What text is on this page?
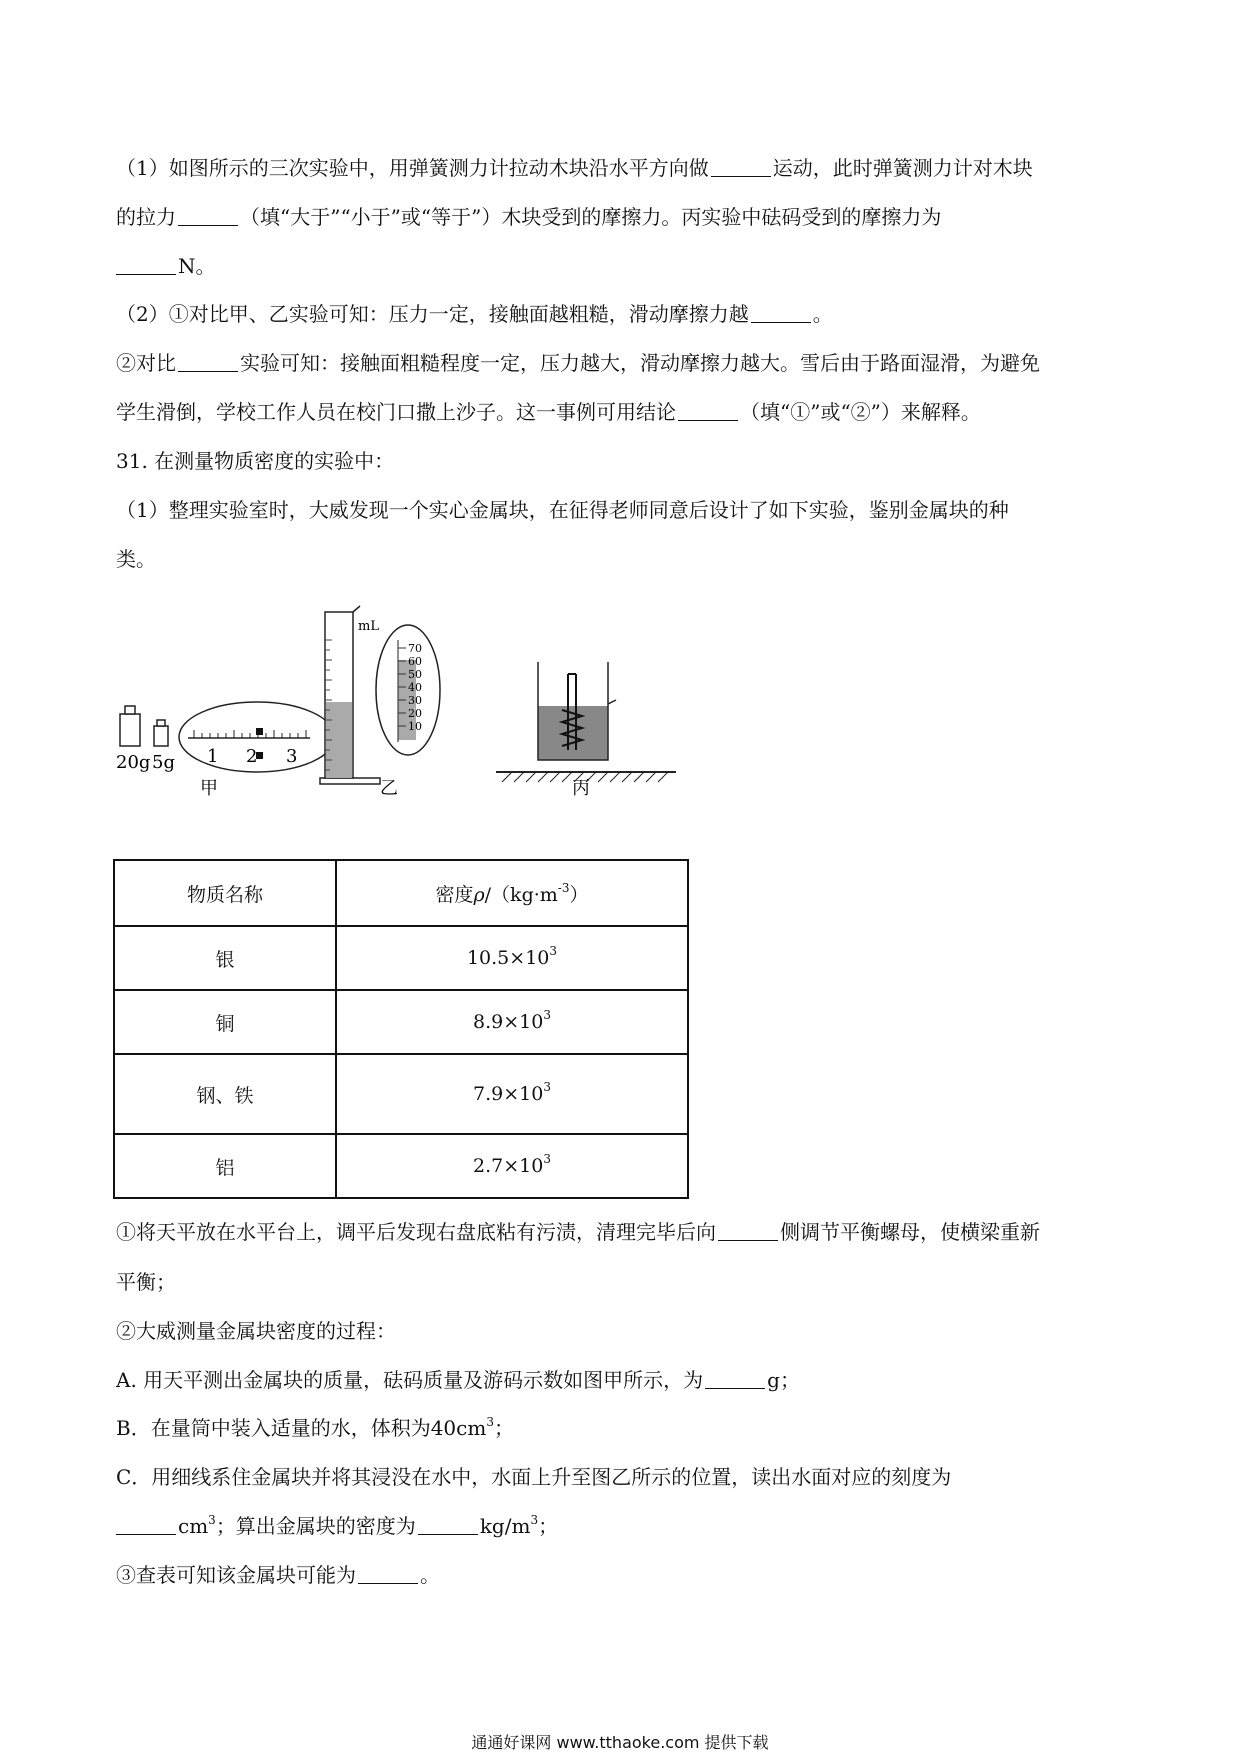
（1）如图所示的三次实验中，用弹簧测力计拉动木块沿水平方向做	运动，此时弹簧测力计对木块
的拉力	（填“大于”“小于”或“等于”）木块受到的摩擦力。丙实验中砝码受到的摩擦力为
N。
（2）①对比甲、乙实验可知：压力一定，接触面越粗糙，滑动摩擦力越	。
②对比	实验可知：接触面粗糙程度一定，压力越大，滑动摩擦力越大。雪后由于路面湿滑，为避免
学生滑倒，学校工作人员在校门口撒上沙子。这一事例可用结论	（填“①”或“②”）来解释。
31. 在测量物质密度的实验中：
（1）整理实验室时，大威发现一个实心金属块，在征得老师同意后设计了如下实验，鉴别金属块的种
类。
20g 5g 1 2 3
mL
70
60
50
40
30
20
10
甲	乙	丙
物质名称	密度$\rho/(kg\cdot m^{-3})$
银	$10.5\times 10^3$
铜	$8.9\times 10^3$
钢、铁	$7.9\times 10^3$
铝	$2.7\times 10^3$
①将天平放在水平台上，调平后发现右盘底粘有污渍，清理完毕后向	侧调节平衡螺母，使横梁重新
平衡；
②大威测量金属块密度的过程：
A. 用天平测出金属块的质量，砝码质量及游码示数如图甲所示，为	g；
B．在量筒中装入适量的水，体积为$40cm^3$；
C．用细线系住金属块并将其浸没在水中，水面上升至图乙所示的位置，读出水面对应的刻度为
$cm^3$；算出金属块的密度为	$kg/m^3$；
③查表可知该金属块可能为	。
通通好课网 www.tthaoke.com 提供下载
